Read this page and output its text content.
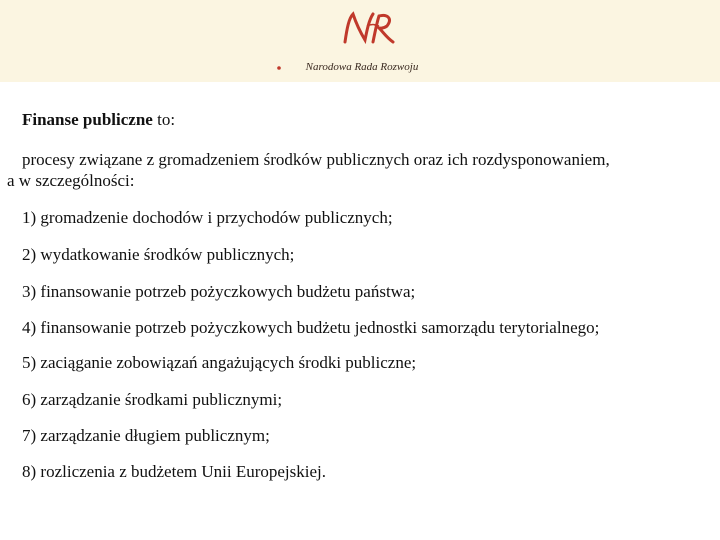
Narodowa Rada Rozwoju
Finanse publiczne to:
procesy związane z gromadzeniem środków publicznych oraz ich rozdysponowaniem,
a w szczególności:
1) gromadzenie dochodów i przychodów publicznych;
2) wydatkowanie środków publicznych;
3) finansowanie potrzeb pożyczkowych budżetu państwa;
4) finansowanie potrzeb pożyczkowych budżetu jednostki samorządu terytorialnego;
5) zaciąganie zobowiązań angażujących środki publiczne;
6) zarządzanie środkami publicznymi;
7) zarządzanie długiem publicznym;
8) rozliczenia z budżetem Unii Europejskiej.
